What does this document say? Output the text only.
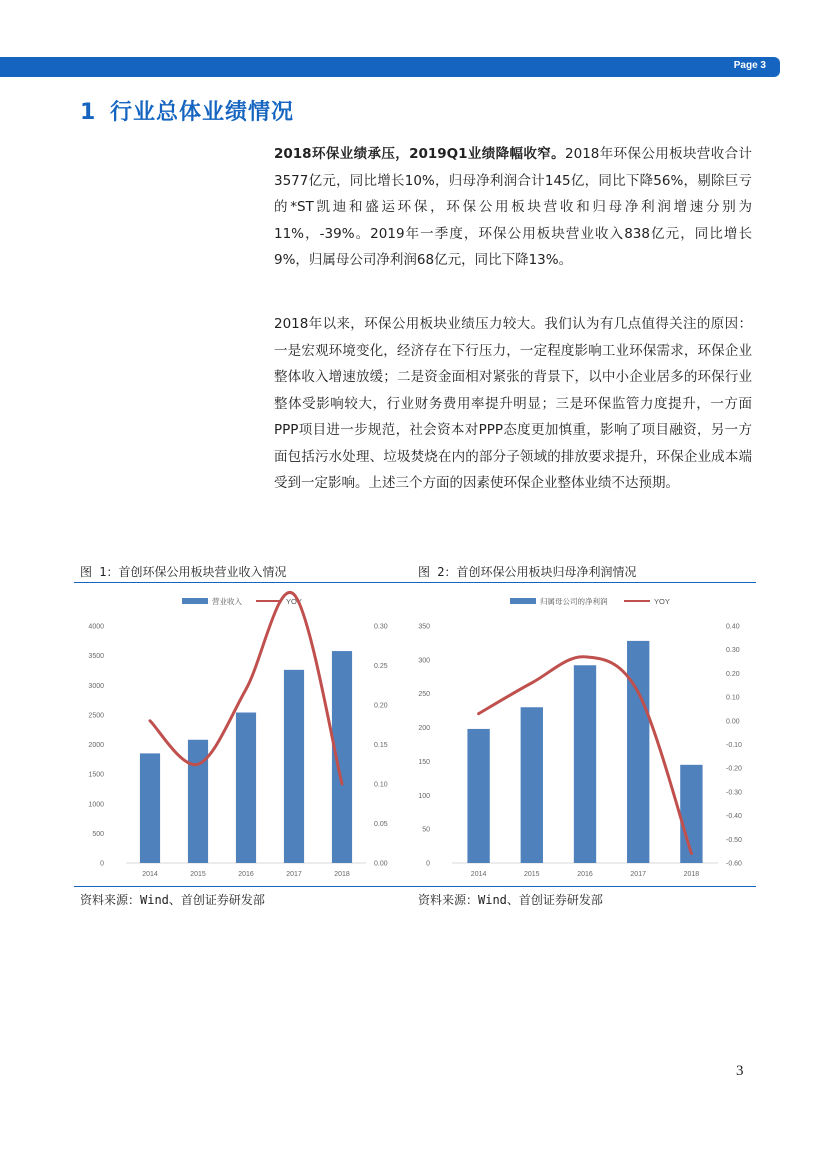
Page 3
1 行业总体业绩情况

2018环保业绩承压，2019Q1业绩降幅收窄。2018年环保公用板块营收合计3577亿元，同比增长10%，归母净利润合计145亿，同比下降56%，剔除巨亏的*ST凯迪和盛运环保，环保公用板块营收和归母净利润增速分别为11%，-39%。2019年一季度，环保公用板块营业收入838亿元，同比增长9%，归属母公司净利润68亿元，同比下降13%。

2018年以来，环保公用板块业绩压力较大。我们认为有几点值得关注的原因：一是宏观环境变化，经济存在下行压力，一定程度影响工业环保需求，环保企业整体收入增速放缓；二是资金面相对紧张的背景下，以中小企业居多的环保行业整体受影响较大，行业财务费用率提升明显；三是环保监管力度提升，一方面PPP项目进一步规范，社会资本对PPP态度更加慎重，影响了项目融资，另一方面包括污水处理、垃圾焚烧在内的部分子领域的排放要求提升，环保企业成本端受到一定影响。上述三个方面的因素使环保企业整体业绩不达预期。

图 1：首创环保公用板块营业收入情况	图 2：首创环保公用板块归母净利润情况

营业收入	YOY
0
500
1000
1500
2000
2500
3000
3500
4000
0.00
0.05
0.10
0.15
0.20
0.25
0.30
2014	2015	2016	2017	2018
归属母公司的净利润	YOY
0
50
100
150
200
250
300
350
-0.60
-0.50
-0.40
-0.30
-0.20
-0.10
0.00
0.10
0.20
0.30
0.40
2014	2015	2016	2017	2018

资料来源：Wind、首创证券研发部	资料来源：Wind、首创证券研发部

3
